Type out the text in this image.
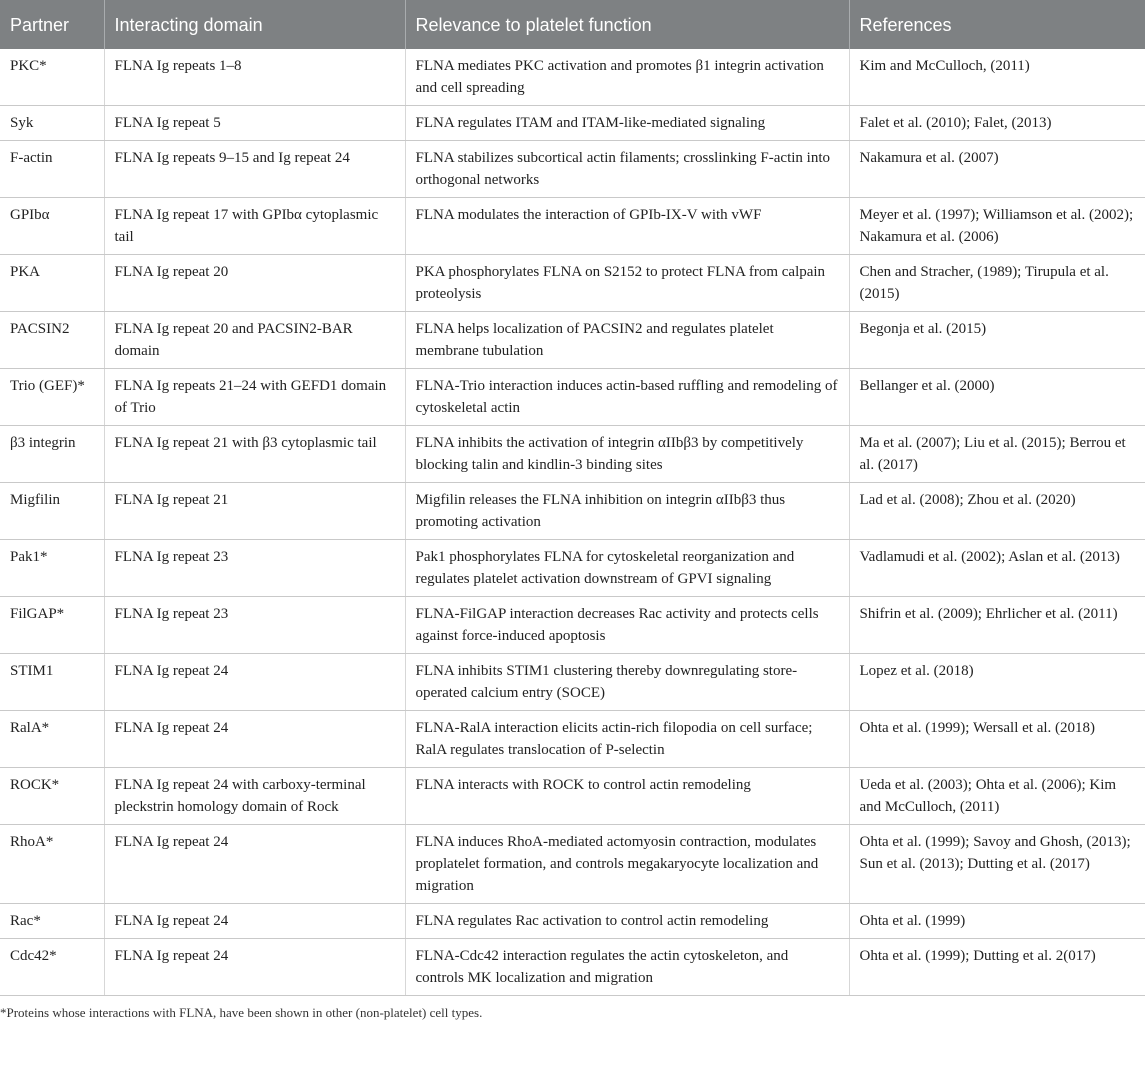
Partner	Interacting domain	Relevance to platelet function	References
PKC*	FLNA Ig repeats 1–8	FLNA mediates PKC activation and promotes β1 integrin activation and cell spreading	Kim and McCulloch, (2011)
Syk	FLNA Ig repeat 5	FLNA regulates ITAM and ITAM-like-mediated signaling	Falet et al. (2010); Falet, (2013)
F-actin	FLNA Ig repeats 9–15 and Ig repeat 24	FLNA stabilizes subcortical actin filaments; crosslinking F-actin into orthogonal networks	Nakamura et al. (2007)
GPIbα	FLNA Ig repeat 17 with GPIbα cytoplasmic tail	FLNA modulates the interaction of GPIb-IX-V with vWF	Meyer et al. (1997); Williamson et al. (2002); Nakamura et al. (2006)
PKA	FLNA Ig repeat 20	PKA phosphorylates FLNA on S2152 to protect FLNA from calpain proteolysis	Chen and Stracher, (1989); Tirupula et al. (2015)
PACSIN2	FLNA Ig repeat 20 and PACSIN2-BAR domain	FLNA helps localization of PACSIN2 and regulates platelet membrane tubulation	Begonja et al. (2015)
Trio (GEF)*	FLNA Ig repeats 21–24 with GEFD1 domain of Trio	FLNA-Trio interaction induces actin-based ruffling and remodeling of cytoskeletal actin	Bellanger et al. (2000)
β3 integrin	FLNA Ig repeat 21 with β3 cytoplasmic tail	FLNA inhibits the activation of integrin αIIbβ3 by competitively blocking talin and kindlin-3 binding sites	Ma et al. (2007); Liu et al. (2015); Berrou et al. (2017)
Migfilin	FLNA Ig repeat 21	Migfilin releases the FLNA inhibition on integrin αIIbβ3 thus promoting activation	Lad et al. (2008); Zhou et al. (2020)
Pak1*	FLNA Ig repeat 23	Pak1 phosphorylates FLNA for cytoskeletal reorganization and regulates platelet activation downstream of GPVI signaling	Vadlamudi et al. (2002); Aslan et al. (2013)
FilGAP*	FLNA Ig repeat 23	FLNA-FilGAP interaction decreases Rac activity and protects cells against force-induced apoptosis	Shifrin et al. (2009); Ehrlicher et al. (2011)
STIM1	FLNA Ig repeat 24	FLNA inhibits STIM1 clustering thereby downregulating store-operated calcium entry (SOCE)	Lopez et al. (2018)
RalA*	FLNA Ig repeat 24	FLNA-RalA interaction elicits actin-rich filopodia on cell surface; RalA regulates translocation of P-selectin	Ohta et al. (1999); Wersall et al. (2018)
ROCK*	FLNA Ig repeat 24 with carboxy-terminal pleckstrin homology domain of Rock	FLNA interacts with ROCK to control actin remodeling	Ueda et al. (2003); Ohta et al. (2006); Kim and McCulloch, (2011)
RhoA*	FLNA Ig repeat 24	FLNA induces RhoA-mediated actomyosin contraction, modulates proplatelet formation, and controls megakaryocyte localization and migration	Ohta et al. (1999); Savoy and Ghosh, (2013); Sun et al. (2013); Dutting et al. (2017)
Rac*	FLNA Ig repeat 24	FLNA regulates Rac activation to control actin remodeling	Ohta et al. (1999)
Cdc42*	FLNA Ig repeat 24	FLNA-Cdc42 interaction regulates the actin cytoskeleton, and controls MK localization and migration	Ohta et al. (1999); Dutting et al. 2(017)
*Proteins whose interactions with FLNA, have been shown in other (non-platelet) cell types.
